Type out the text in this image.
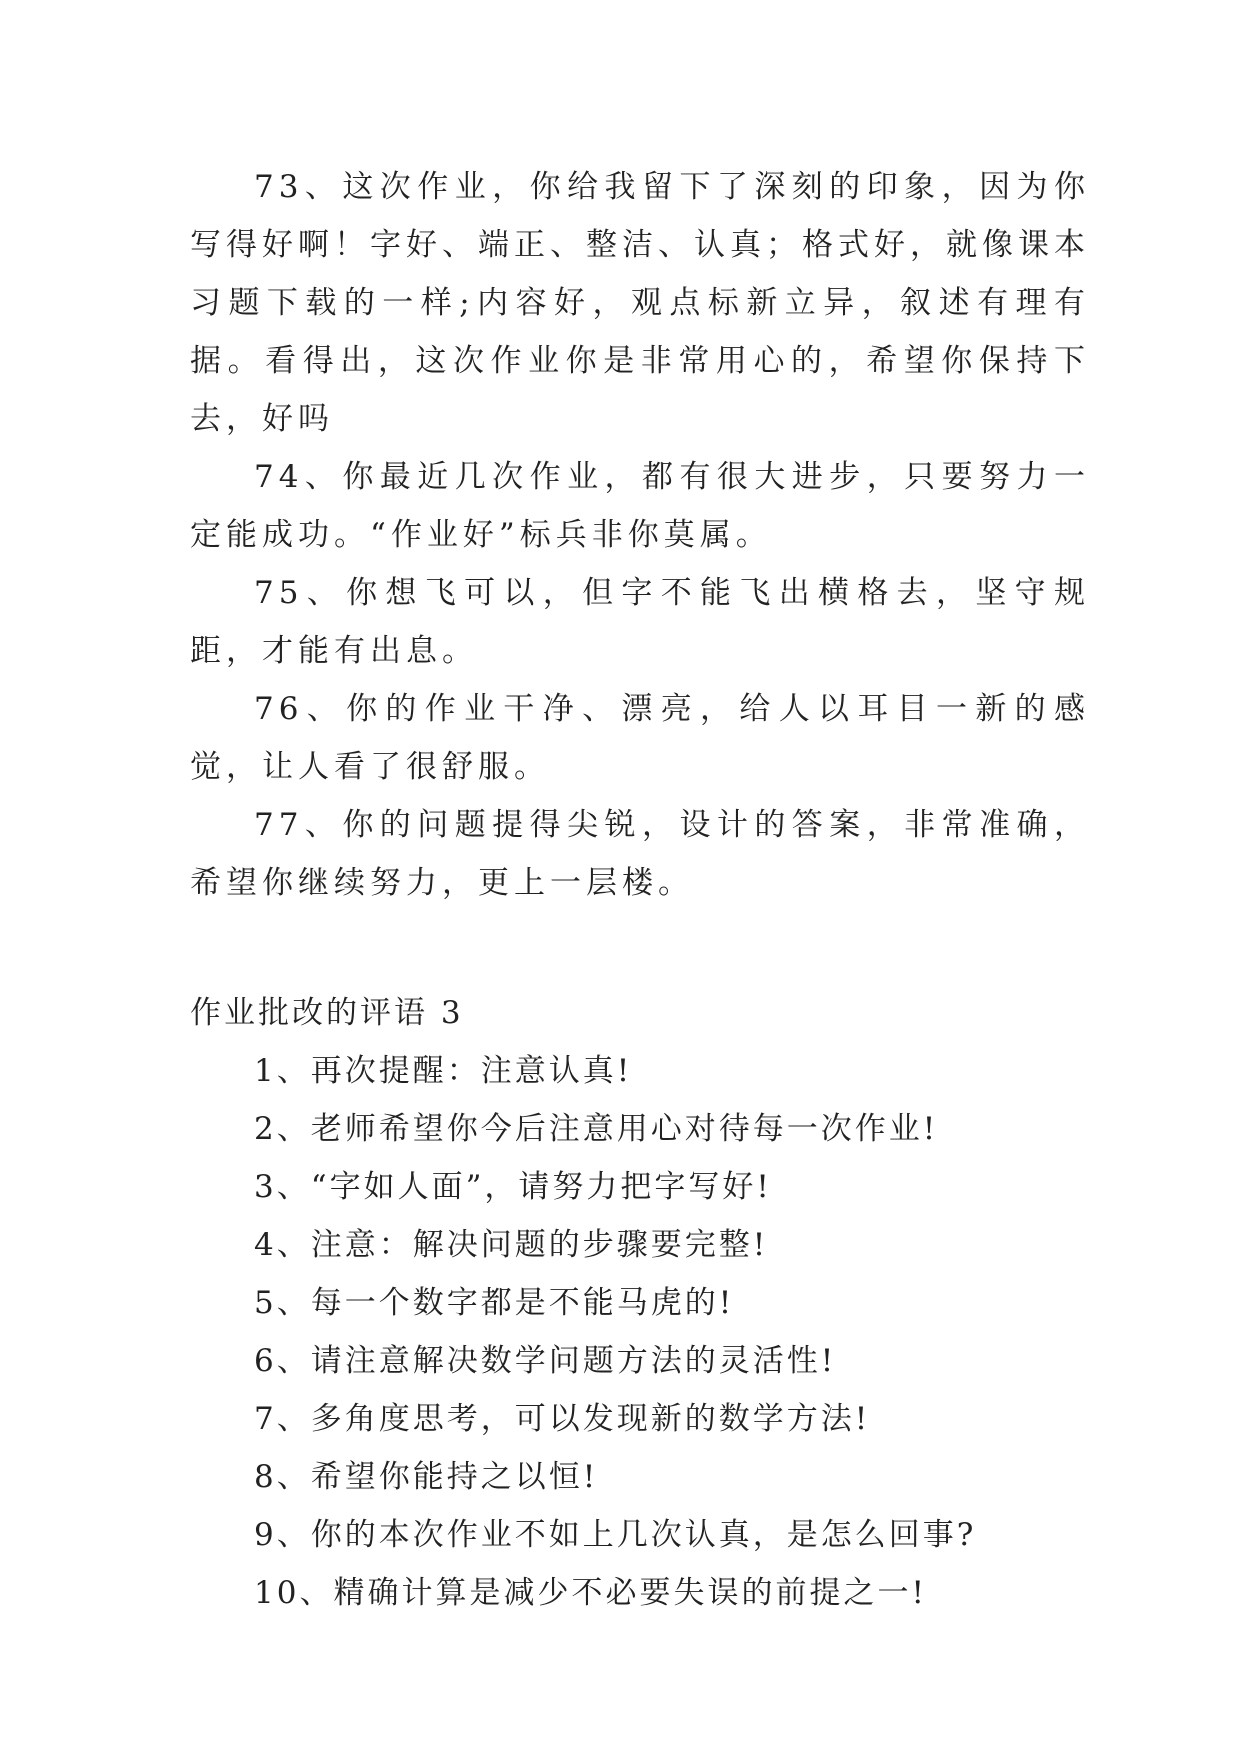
73、这次作业，你给我留下了深刻的印象，因为你写得好啊！字好、端正、整洁、认真；格式好，就像课本习题下载的一样;内容好，观点标新立异，叙述有理有据。看得出，这次作业你是非常用心的，希望你保持下去，好吗

74、你最近几次作业，都有很大进步，只要努力一定能成功。“作业好”标兵非你莫属。

75、你想飞可以，但字不能飞出横格去，坚守规距，才能有出息。

76、你的作业干净、漂亮，给人以耳目一新的感觉，让人看了很舒服。

77、你的问题提得尖锐，设计的答案，非常准确，希望你继续努力，更上一层楼。

作业批改的评语 3
1、再次提醒：注意认真!
2、老师希望你今后注意用心对待每一次作业!
3、“字如人面”，请努力把字写好!
4、注意：解决问题的步骤要完整!
5、每一个数字都是不能马虎的!
6、请注意解决数学问题方法的灵活性!
7、多角度思考，可以发现新的数学方法!
8、希望你能持之以恒!
9、你的本次作业不如上几次认真，是怎么回事?
10、精确计算是减少不必要失误的前提之一!
